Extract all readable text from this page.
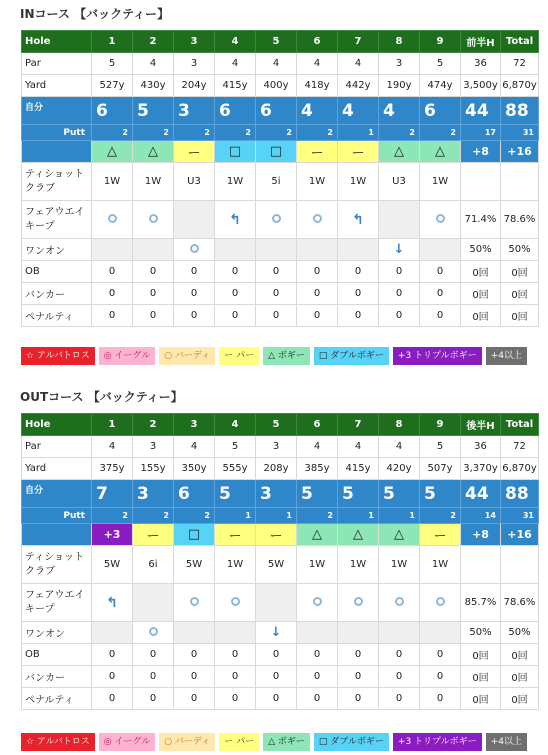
INコース 【バックティー】
Hole	1	2	3	4	5	6	7	8	9	前半H	Total
Par	5	4	3	4	4	4	4	3	5	36	72
Yard	527y	430y	204y	415y	400y	418y	442y	190y	474y	3,500y	6,870y
自分	6	5	3	6	6	4	4	4	6	44	88

Putt	2	2	2	2	2	2	1	2	2	17	31

	△	△	ー	□	□	ー	ー	△	△	+8	+16
ティショットクラブ	1W	1W	U3	1W	5i	1W	1W	U3	1W		
フェアウエイキープ				↰			↰			71.4%	78.6%
ワンオン								↓		50%	50%
OB	0	0	0	0	0	0	0	0	0	0回	0回
バンカー	0	0	0	0	0	0	0	0	0	0回	0回
ペナルティ	0	0	0	0	0	0	0	0	0	0回	0回
☆ アルバトロス	◎ イーグル	○ バーディ	ー パー	△ ボギー	□ ダブルボギー	+3 トリプルボギー	+4以上
OUTコース 【バックティー】
Hole	1	2	3	4	5	6	7	8	9	後半H	Total
Par	4	3	4	5	3	4	4	4	5	36	72
Yard	375y	155y	350y	555y	208y	385y	415y	420y	507y	3,370y	6,870y
自分	7	3	6	5	3	5	5	5	5	44	88

Putt	2	2	2	1	1	2	1	1	2	14	31

	+3	ー	□	ー	ー	△	△	△	ー	+8	+16
ティショットクラブ	5W	6i	5W	1W	5W	1W	1W	1W	1W		
フェアウエイキープ	↰									85.7%	78.6%
ワンオン					↓					50%	50%
OB	0	0	0	0	0	0	0	0	0	0回	0回
バンカー	0	0	0	0	0	0	0	0	0	0回	0回
ペナルティ	0	0	0	0	0	0	0	0	0	0回	0回
☆ アルバトロス	◎ イーグル	○ バーディ	ー パー	△ ボギー	□ ダブルボギー	+3 トリプルボギー	+4以上
